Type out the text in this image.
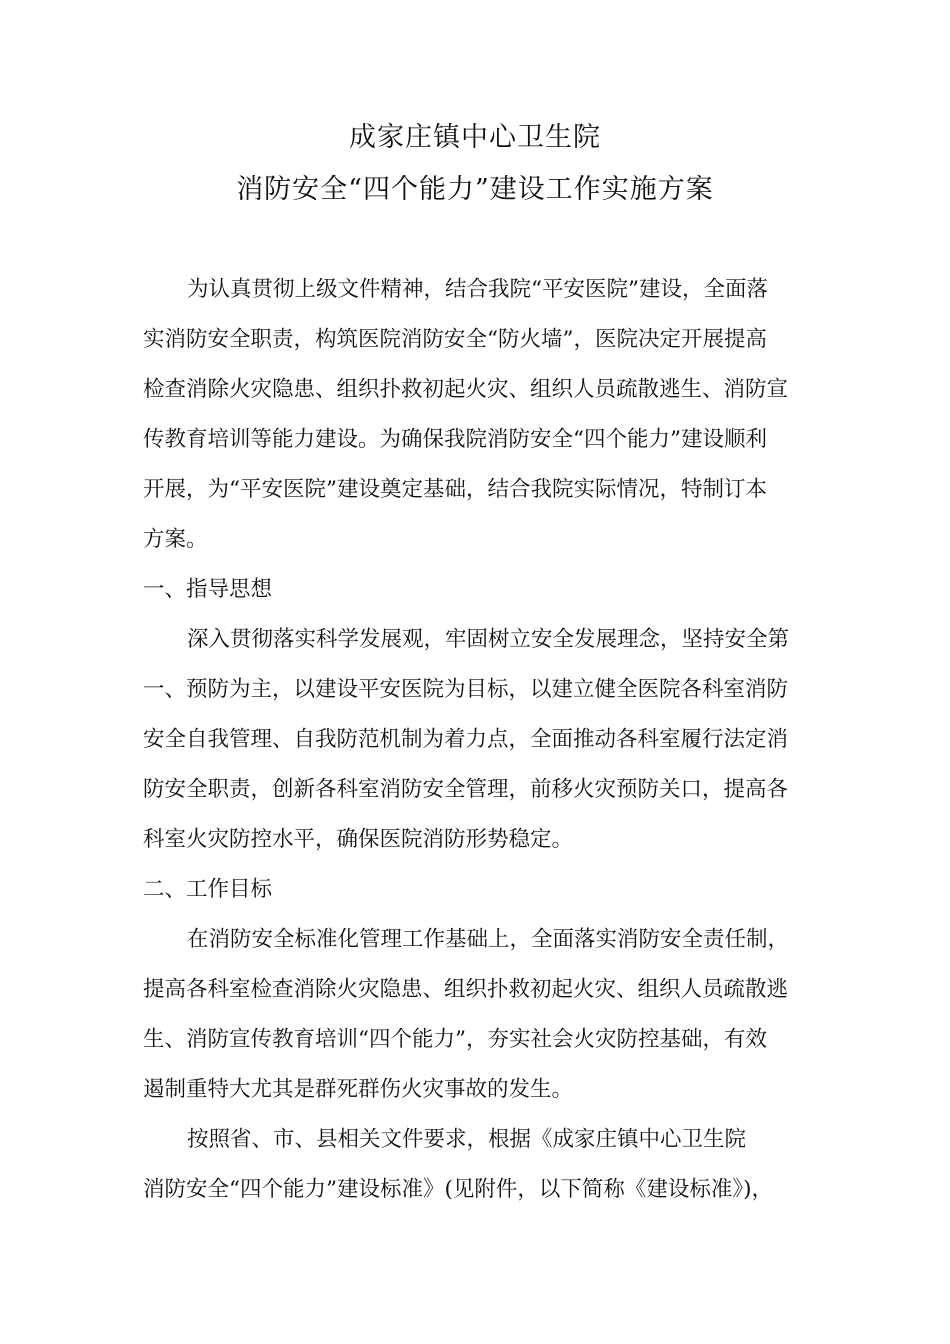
成家庄镇中心卫生院
消防安全“四个能力”建设工作实施方案
为认真贯彻上级文件精神，结合我院“平安医院”建设，全面落
实消防安全职责，构筑医院消防安全“防火墙”，医院决定开展提高
检查消除火灾隐患、组织扑救初起火灾、组织人员疏散逃生、消防宣
传教育培训等能力建设。为确保我院消防安全“四个能力”建设顺利
开展，为“平安医院”建设奠定基础，结合我院实际情况，特制订本
方案。
一、指导思想
深入贯彻落实科学发展观，牢固树立安全发展理念，坚持安全第
一、预防为主，以建设平安医院为目标，以建立健全医院各科室消防
安全自我管理、自我防范机制为着力点，全面推动各科室履行法定消
防安全职责，创新各科室消防安全管理，前移火灾预防关口，提高各
科室火灾防控水平，确保医院消防形势稳定。
二、工作目标
在消防安全标准化管理工作基础上，全面落实消防安全责任制，
提高各科室检查消除火灾隐患、组织扑救初起火灾、组织人员疏散逃
生、消防宣传教育培训“四个能力”，夯实社会火灾防控基础，有效
遏制重特大尤其是群死群伤火灾事故的发生。
按照省、市、县相关文件要求，根据《成家庄镇中心卫生院
消防安全“四个能力”建设标准》(见附件，以下简称《建设标准》)，
